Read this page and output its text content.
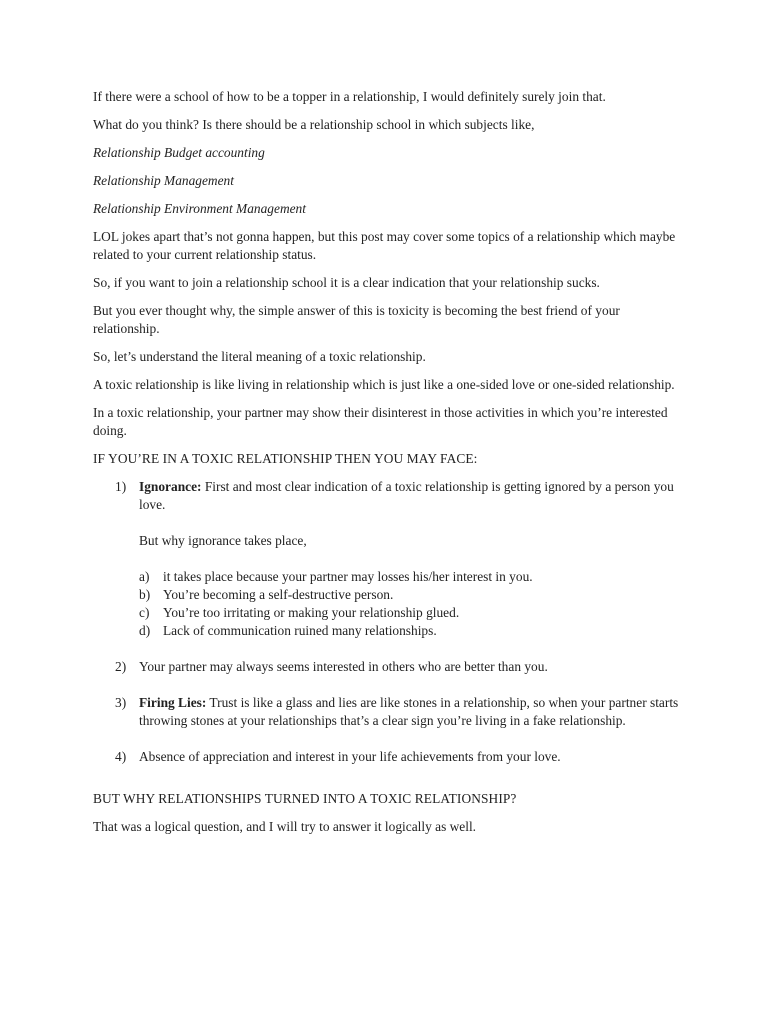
If there were a school of how to be a topper in a relationship, I would definitely surely join that.

What do you think? Is there should be a relationship school in which subjects like,

Relationship Budget accounting

Relationship Management

Relationship Environment Management

LOL jokes apart that’s not gonna happen, but this post may cover some topics of a relationship which maybe related to your current relationship status.

So, if you want to join a relationship school it is a clear indication that your relationship sucks.

But you ever thought why, the simple answer of this is toxicity is becoming the best friend of your relationship.

So, let’s understand the literal meaning of a toxic relationship.

A toxic relationship is like living in relationship which is just like a one-sided love or one-sided relationship.

In a toxic relationship, your partner may show their disinterest in those activities in which you’re interested doing.

IF YOU’RE IN A TOXIC RELATIONSHIP THEN YOU MAY FACE:

1) Ignorance: First and most clear indication of a toxic relationship is getting ignored by a person you love.
But why ignorance takes place,
a) it takes place because your partner may losses his/her interest in you.
b) You’re becoming a self-destructive person.
c) You’re too irritating or making your relationship glued.
d) Lack of communication ruined many relationships.
2) Your partner may always seems interested in others who are better than you.
3) Firing Lies: Trust is like a glass and lies are like stones in a relationship, so when your partner starts throwing stones at your relationships that’s a clear sign you’re living in a fake relationship.
4) Absence of appreciation and interest in your life achievements from your love.

BUT WHY RELATIONSHIPS TURNED INTO A TOXIC RELATIONSHIP?

That was a logical question, and I will try to answer it logically as well.
